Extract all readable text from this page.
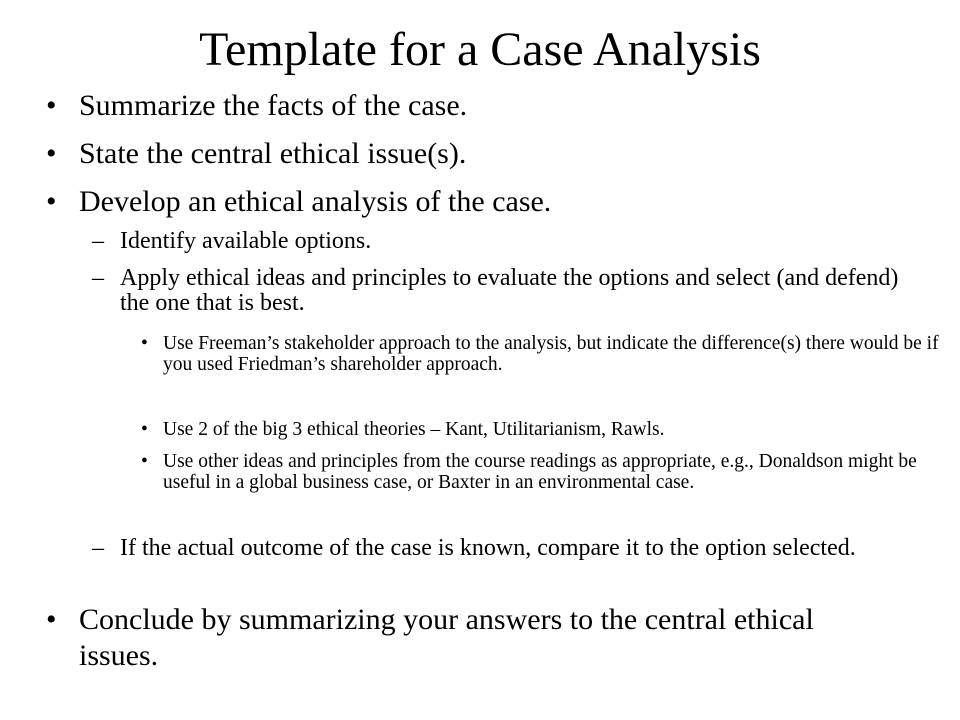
Template for a Case Analysis
• Summarize the facts of the case.
• State the central ethical issue(s).
• Develop an ethical analysis of the case.
– Identify available options.
– Apply ethical ideas and principles to evaluate the options and select (and defend) the one that is best.
• Use Freeman’s stakeholder approach to the analysis, but indicate the difference(s) there would be if you used Friedman’s shareholder approach.
• Use 2 of the big 3 ethical theories – Kant, Utilitarianism, Rawls.
• Use other ideas and principles from the course readings as appropriate, e.g., Donaldson might be useful in a global business case, or Baxter in an environmental case.
– If the actual outcome of the case is known, compare it to the option selected.
• Conclude by summarizing your answers to the central ethical issues.
